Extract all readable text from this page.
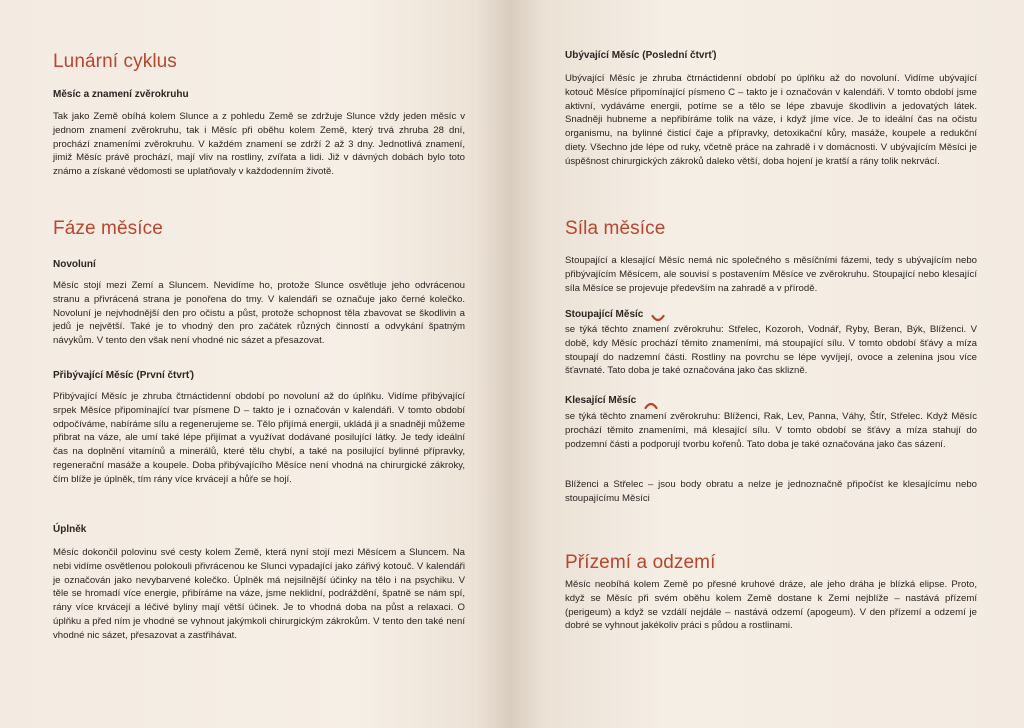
Lunární cyklus
Měsíc a znamení zvěrokruhu
Tak jako Země obíhá kolem Slunce a z pohledu Země se zdržuje Slunce vždy jeden měsíc v jednom znamení zvěrokruhu, tak i Měsíc při oběhu kolem Země, který trvá zhruba 28 dní, prochází znameními zvěrokruhu. V každém znamení se zdrží 2 až 3 dny. Jednotlivá znamení, jimiž Měsíc právě prochází, mají vliv na rostliny, zvířata a lidi. Již v dávných dobách bylo toto známo a získané vědomosti se uplatňovaly v každodenním životě.
Fáze měsíce
Novoluní
Měsíc stojí mezi Zemí a Sluncem. Nevidíme ho, protože Slunce osvětluje jeho odvrácenou stranu a přivrácená strana je ponořena do tmy. V kalendáři se označuje jako černé kolečko. Novoluní je nejvhodnější den pro očistu a půst, protože schopnost těla zbavovat se škodlivin a jedů je největší. Také je to vhodný den pro začátek různých činností a odvykání špatným návykům. V tento den však není vhodné nic sázet a přesazovat.
Přibývající Měsíc (První čtvrť)
Přibývající Měsíc je zhruba čtrnáctidenní období po novoluní až do úplňku. Vidíme přibývající srpek Měsíce připomínající tvar písmene D – takto je i označován v kalendáři. V tomto období odpočíváme, nabíráme sílu a regenerujeme se. Tělo přijímá energii, ukládá ji a snadněji můžeme přibrat na váze, ale umí také lépe přijímat a využívat dodávané posilující látky. Je tedy ideální čas na doplnění vitamínů a minerálů, které tělu chybí, a také na posilující bylinné přípravky, regenerační masáže a koupele. Doba přibývajícího Měsíce není vhodná na chirurgické zákroky, čím blíže je úplněk, tím rány více krvácejí a hůře se hojí.
Úplněk
Měsíc dokončil polovinu své cesty kolem Země, která nyní stojí mezi Měsícem a Sluncem. Na nebi vidíme osvětlenou polokouli přivrácenou ke Slunci vypadající jako zářivý kotouč. V kalendáři je označován jako nevybarvené kolečko. Úplněk má nejsilnější účinky na tělo i na psychiku. V těle se hromadí více energie, přibíráme na váze, jsme neklidní, podráždění, špatně se nám spí, rány více krvácejí a léčivé byliny mají větší účinek. Je to vhodná doba na půst a relaxaci. O úplňku a před ním je vhodné se vyhnout jakýmkoli chirurgickým zákrokům. V tento den také není vhodné nic sázet, přesazovat a zastřihávat.
Ubývající Měsíc (Poslední čtvrť)
Ubývající Měsíc je zhruba čtrnáctidenní období po úplňku až do novoluní. Vidíme ubývající kotouč Měsíce připomínající písmeno C – takto je i označován v kalendáři. V tomto období jsme aktivní, vydáváme energii, potíme se a tělo se lépe zbavuje škodlivin a jedovatých látek. Snadněji hubneme a nepřibíráme tolik na váze, i když jíme více. Je to ideální čas na očistu organismu, na bylinné čisticí čaje a přípravky, detoxikační kůry, masáže, koupele a redukční diety. Všechno jde lépe od ruky, včetně práce na zahradě i v domácnosti. V ubývajícím Měsíci je úspěšnost chirurgických zákroků daleko větší, doba hojení je kratší a rány tolik nekrvácí.
Síla měsíce
Stoupající a klesající Měsíc nemá nic společného s měsíčními fázemi, tedy s ubývajícím nebo přibývajícím Měsícem, ale souvisí s postavením Měsíce ve zvěrokruhu. Stoupající nebo klesající síla Měsíce se projevuje především na zahradě a v přírodě.
Stoupající Měsíc
se týká těchto znamení zvěrokruhu: Střelec, Kozoroh, Vodnář, Ryby, Beran, Býk, Blíženci. V době, kdy Měsíc prochází těmito znameními, má stoupající sílu. V tomto období šťávy a míza stoupají do nadzemní části. Rostliny na povrchu se lépe vyvíjejí, ovoce a zelenina jsou více šťavnaté. Tato doba je také označována jako čas sklizně.
Klesající Měsíc
se týká těchto znamení zvěrokruhu: Blíženci, Rak, Lev, Panna, Váhy, Štír, Střelec. Když Měsíc prochází těmito znameními, má klesající sílu. V tomto období se šťávy a míza stahují do podzemní části a podporují tvorbu kořenů. Tato doba je také označována jako čas sázení.
Blíženci a Střelec – jsou body obratu a nelze je jednoznačně připočíst ke klesajícímu nebo stoupajícímu Měsíci
Přízemí a odzemí
Měsíc neobíhá kolem Země po přesné kruhové dráze, ale jeho dráha je blízká elipse. Proto, když se Měsíc při svém oběhu kolem Země dostane k Zemi nejblíže – nastává přízemí (perigeum) a když se vzdálí nejdále – nastává odzemí (apogeum). V den přízemí a odzemí je dobré se vyhnout jakékoliv práci s půdou a rostlinami.
